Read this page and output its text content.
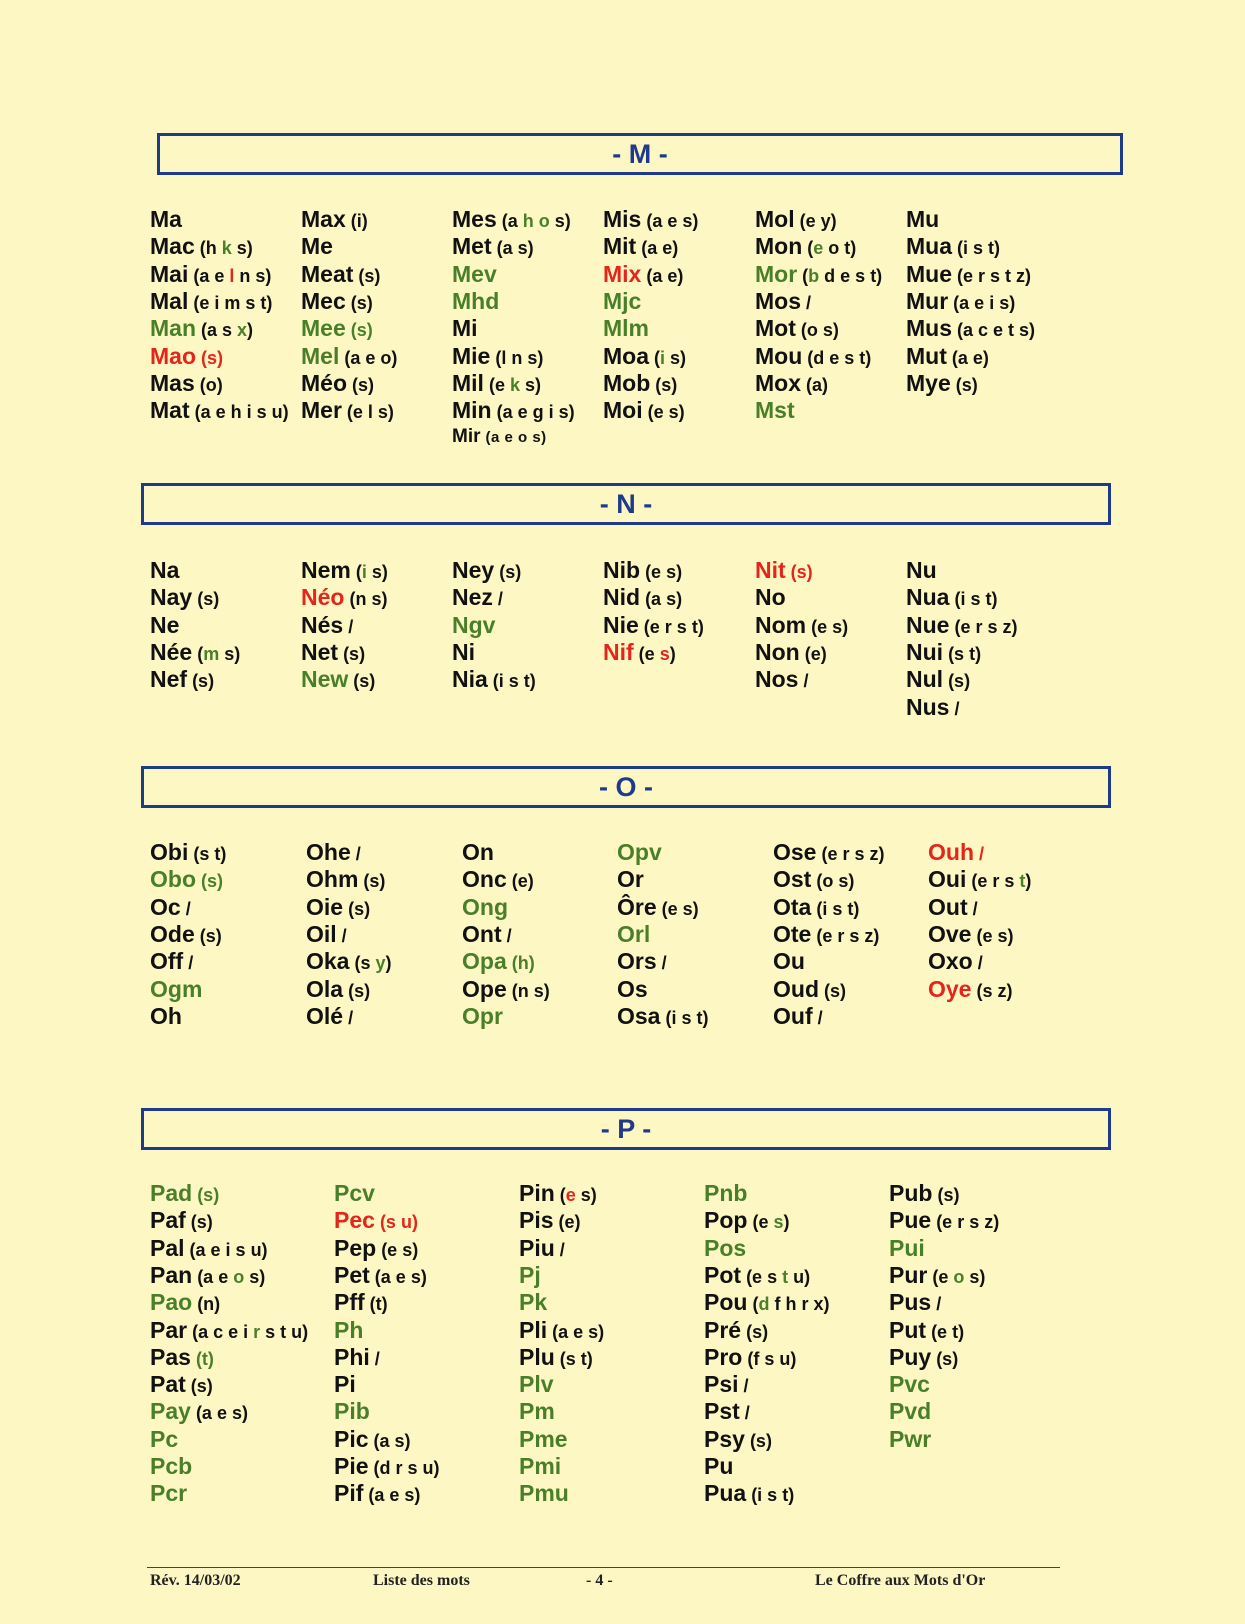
- M -
- N -
- O -
- P -
Ma
Mac (h k s)
Mai (a e l n s)
Mal (e i m s t)
Man (a s x)
Mao (s)
Mas (o)
Mat (a e h i s u)
Max (i)
Me
Meat (s)
Mec (s)
Mee (s)
Mel (a e o)
Méo (s)
Mer (e l s)
Mes (a h o s)
Met (a s)
Mev
Mhd
Mi
Mie (l n s)
Mil (e k s)
Min (a e g i s)
Mir (a e o s)
Mis (a e s)
Mit (a e)
Mix (a e)
Mjc
Mlm
Moa (i s)
Mob (s)
Moi (e s)
Mol (e y)
Mon (e o t)
Mor (b d e s t)
Mos /
Mot (o s)
Mou (d e s t)
Mox (a)
Mst
Mu
Mua (i s t)
Mue (e r s t z)
Mur (a e i s)
Mus (a c e t s)
Mut (a e)
Mye (s)
Na
Nay (s)
Ne
Née (m s)
Nef (s)
Nem (i s)
Néo (n s)
Nés /
Net (s)
New (s)
Ney (s)
Nez /
Ngv
Ni
Nia (i s t)
Nib (e s)
Nid (a s)
Nie (e r s t)
Nif (e s)
Nit (s)
No
Nom (e s)
Non (e)
Nos /
Nu
Nua (i s t)
Nue (e r s z)
Nui (s t)
Nul (s)
Nus /
Obi (s t)
Obo (s)
Oc /
Ode (s)
Off /
Ogm
Oh
Ohe /
Ohm (s)
Oie (s)
Oil /
Oka (s y)
Ola (s)
Olé /
On
Onc (e)
Ong
Ont /
Opa (h)
Ope (n s)
Opr
Opv
Or
Ôre (e s)
Orl
Ors /
Os
Osa (i s t)
Ose (e r s z)
Ost (o s)
Ota (i s t)
Ote (e r s z)
Ou
Oud (s)
Ouf /
Ouh /
Oui (e r s t)
Out /
Ove (e s)
Oxo /
Oye (s z)
Pad (s)
Paf (s)
Pal (a e i s u)
Pan (a e o s)
Pao (n)
Par (a c e i r s t u)
Pas (t)
Pat (s)
Pay (a e s)
Pc
Pcb
Pcr
Pcv
Pec (s u)
Pep (e s)
Pet (a e s)
Pff (t)
Ph
Phi /
Pi
Pib
Pic (a s)
Pie (d r s u)
Pif (a e s)
Pin (e s)
Pis (e)
Piu /
Pj
Pk
Pli (a e s)
Plu (s t)
Plv
Pm
Pme
Pmi
Pmu
Pnb
Pop (e s)
Pos
Pot (e s t u)
Pou (d f h r x)
Pré (s)
Pro (f s u)
Psi /
Pst /
Psy (s)
Pu
Pua (i s t)
Pub (s)
Pue (e r s z)
Pui
Pur (e o s)
Pus /
Put (e t)
Puy (s)
Pvc
Pvd
Pwr
Rév. 14/03/02	Liste des mots	- 4 -	Le Coffre aux Mots d'Or
